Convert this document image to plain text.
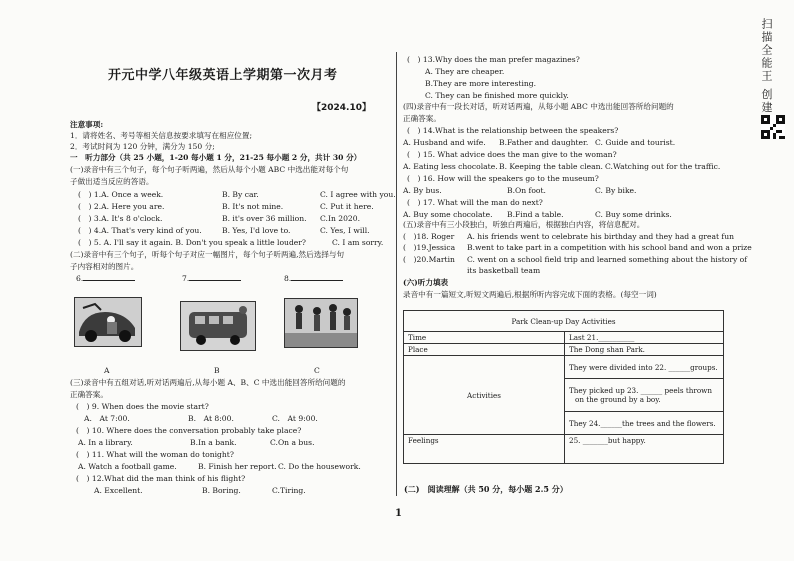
开元中学八年级英语上学期第一次月考
【2024.10】
注意事项:
1．请将姓名、考号等相关信息按要求填写在相应位置;
2．考试时间为 120 分钟，满分为 150 分;
一　听力部分（共 25 小题，1-20 每小题 1 分，21-25 每小题 2 分，共计 30 分）
(一)录音中有三个句子，每个句子听两遍，然后从每个小题 ABC 中选出能对每个句
子做出适当反应的答语。
(　) 1.A. Once a week.	B. By car.	C. I agree with you.
(　) 2.A. Here you are.	B. It's not mine.	C. Put it here.
(　) 3.A. It's 8 o'clock.	B. it's over 36 million. C.In 2020.
(　) 4.A. That's very kind of you.	B. Yes, I'd love to.	C. Yes, I will.
(　) 5. A. I'll say it again. B. Don't you speak a little louder?	C. I am sorry.
(二)录音中有三个句子，听每个句子对应一幅图片，每个句子听两遍,然后选择与句
子内容相对的图片。
6.	7.	8.
A	B	C
(三)录音中有五组对话,听对话两遍后,从每小题 A、B、C 中选出能回答所给问题的
正确答案。
(　) 9. When does the movie start?
A.　At 7:00.	B.　At 8:00.	C.　At 9:00.
(　) 10. Where does the conversation probably take place?
A. In a library.	B.In a bank.	C.On a bus.
(　) 11. What will the woman do tonight?
A. Watch a football game.	B. Finish her report. C. Do the housework.
(　) 12.What did the man think of his flight?
A. Excellent.	B. Boring.	C.Tiring.
(　) 13.Why does the man prefer magazines?
A. They are cheaper.
B.They are more interesting.
C. They can be finished more quickly.
(四)录音中有一段长对话，听对话两遍，从每小题 ABC 中选出能回答所给问题的
正确答案。
(　) 14.What is the relationship between the speakers?
A. Husband and wife. B.Father and daughter. C. Guide and tourist.
(　) 15. What advice does the man give to the woman?
A. Eating less chocolate. B. Keeping the table clean. C.Watching out for the traffic.
(　) 16. How will the speakers go to the museum?
A. By bus.	B.On foot.	C. By bike.
(　) 17. What will the man do next?
A. Buy some chocolate. B.Find a table.	C. Buy some drinks.
(五)录音中有三小段独白，听独白两遍后，根据独白内容，将信息配对。
(　)18. Roger A. his friends went to celebrate his birthday and they had a great fun
(　)19.Jessica B.went to take part in a competition with his school band and won a prize
(　)20.Martin C. went on a school field trip and learned something about the history of
its basketball team
(六)听力填表
录音中有一篇短文,听短文两遍后,根据所听内容完成下面的表格。(每空一词)
Park Clean-up Day Activities	
Time	Last 21.__________
Place	The Dong shan Park.
Activities	They were divided into 22. ______groups.

	They picked up 23. ______ peels thrown
on the ground by a boy.

	They 24.______the trees and the flowers.
Feelings	25. _______but happy.
(二)　阅读理解（共 50 分，每小题 2.5 分）
1
扫描全能王 创建
